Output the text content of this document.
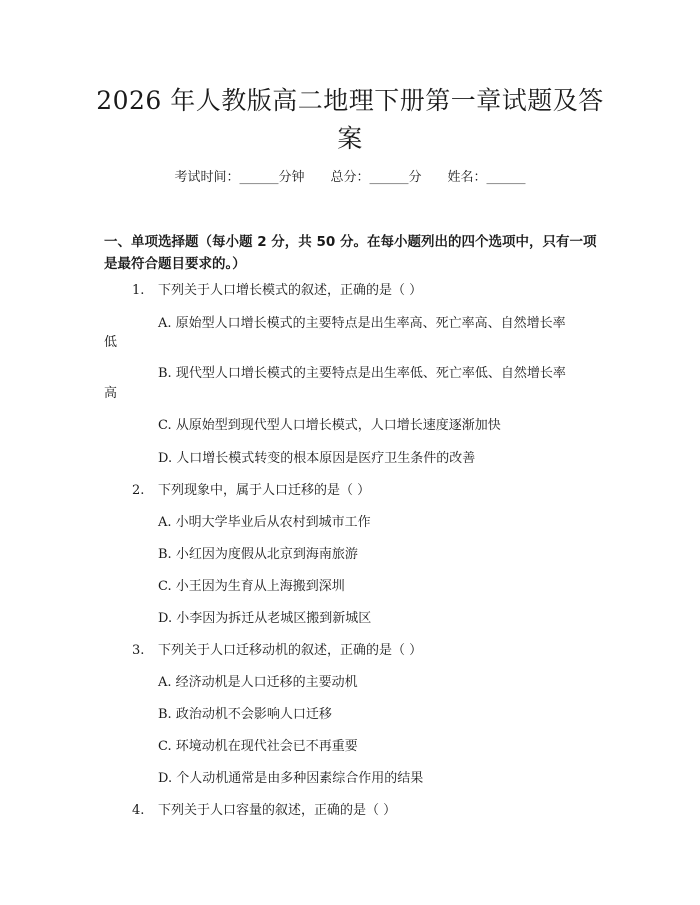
2026 年人教版高二地理下册第一章试题及答
案
考试时间：______分钟 总分：______分 姓名：______
一、单项选择题（每小题 2 分，共 50 分。在每小题列出的四个选项中，只有一项
是最符合题目要求的。）
1. 下列关于人口增长模式的叙述，正确的是（ ）
A. 原始型人口增长模式的主要特点是出生率高、死亡率高、自然增长率
低
B. 现代型人口增长模式的主要特点是出生率低、死亡率低、自然增长率
高
C. 从原始型到现代型人口增长模式，人口增长速度逐渐加快
D. 人口增长模式转变的根本原因是医疗卫生条件的改善
2. 下列现象中，属于人口迁移的是（ ）
A. 小明大学毕业后从农村到城市工作
B. 小红因为度假从北京到海南旅游
C. 小王因为生育从上海搬到深圳
D. 小李因为拆迁从老城区搬到新城区
3. 下列关于人口迁移动机的叙述，正确的是（ ）
A. 经济动机是人口迁移的主要动机
B. 政治动机不会影响人口迁移
C. 环境动机在现代社会已不再重要
D. 个人动机通常是由多种因素综合作用的结果
4. 下列关于人口容量的叙述，正确的是（ ）
